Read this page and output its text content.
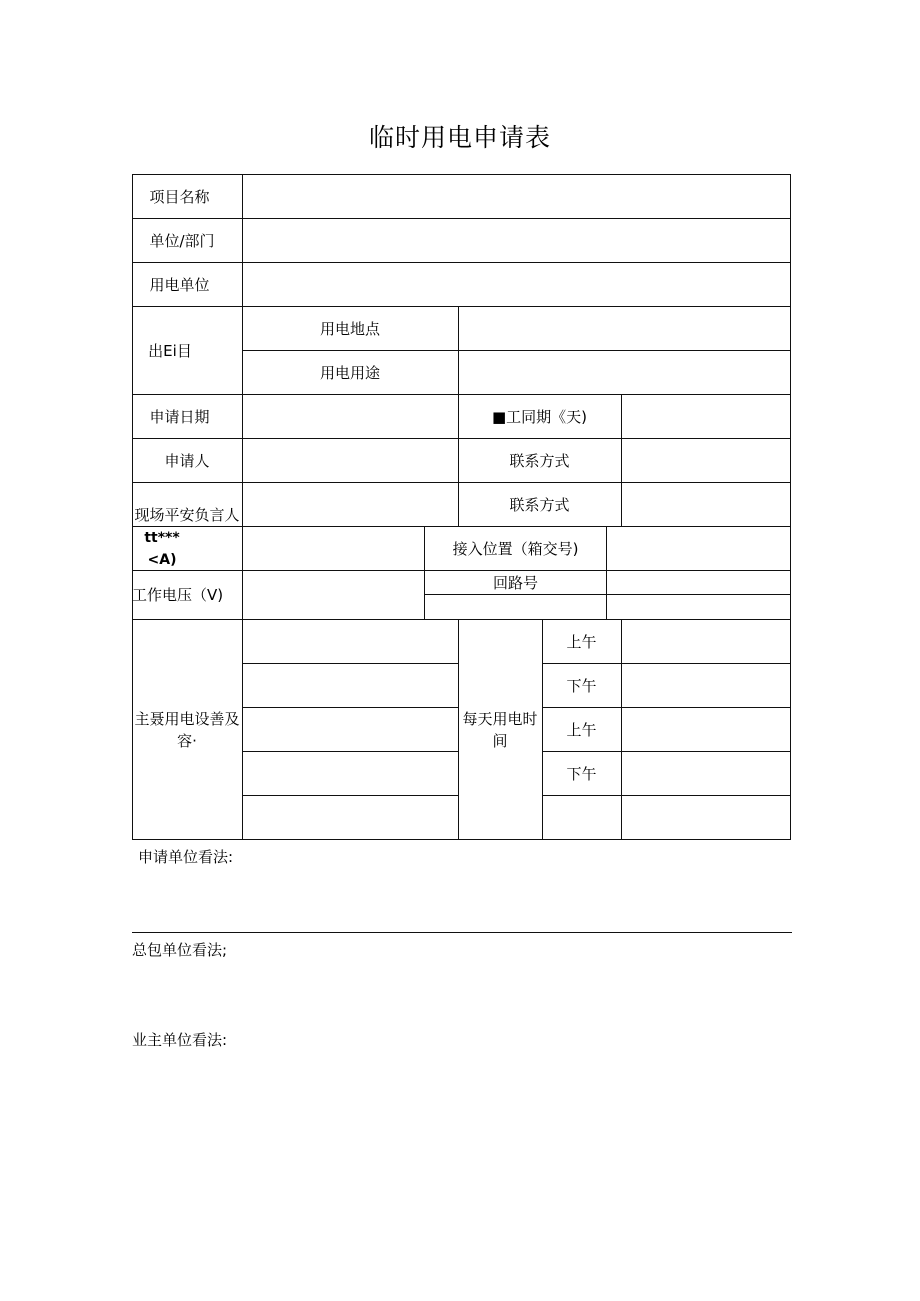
临时用电申请表
项目名称
单位/部门
用电单位
出Ei目
用电地点
用电用途
申请日期	■工同期《天)
申请人	联系方式
现场平安负言人
联系方式
tt***<A)
接入位置（箱交号)
工作电压（V)
回路号
主聂用电设善及
容·
每天用电时
间
上午
下午
上午
下午
申请单位看法:
总包单位看法;
业主单位看法:
